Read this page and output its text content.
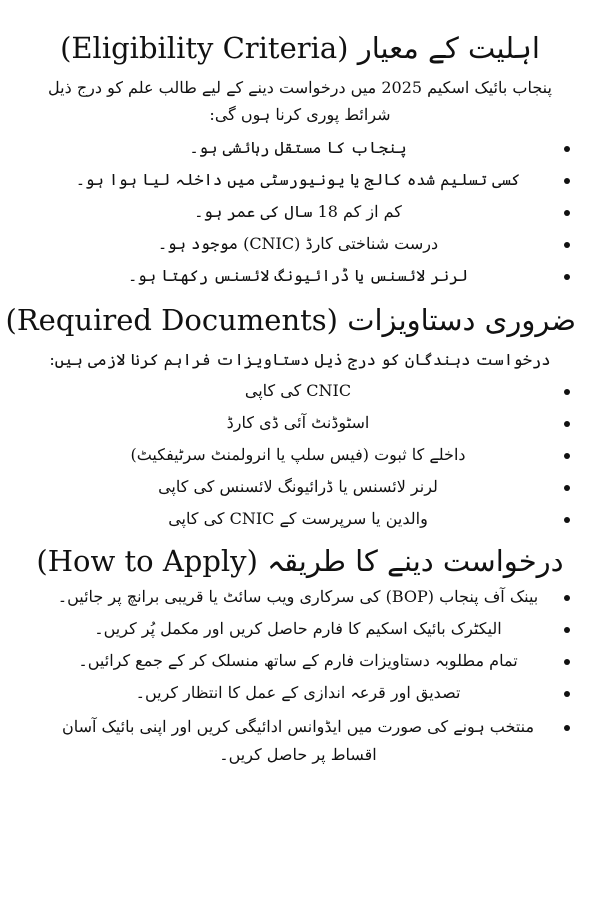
اہلیت کے معیار (Eligibility Criteria)

پنجاب بائیک اسکیم 2025 میں درخواست دینے کے لیے طالب علم کو درج ذیل شرائط پوری کرنا ہوں گی:

پنجاب کا مستقل رہائشی ہو۔
کسی تسلیم شدہ کالج یا یونیورسٹی میں داخلہ لیا ہوا ہو۔
کم از کم 18 سال کی عمر ہو۔
درست شناختی کارڈ (CNIC) موجود ہو۔
لرنر لائسنس یا ڈرائیونگ لائسنس رکھتا ہو۔
ضروری دستاویزات (Required Documents)

درخواست دہندگان کو درج ذیل دستاویزات فراہم کرنا لازمی ہیں:

CNIC کی کاپی
اسٹوڈنٹ آئی ڈی کارڈ
داخلے کا ثبوت (فیس سلپ یا انرولمنٹ سرٹیفکیٹ)
لرنر لائسنس یا ڈرائیونگ لائسنس کی کاپی
والدین یا سرپرست کے CNIC کی کاپی
درخواست دینے کا طریقہ (How to Apply)
بینک آف پنجاب (BOP) کی سرکاری ویب سائٹ یا قریبی برانچ پر جائیں۔
الیکٹرک بائیک اسکیم کا فارم حاصل کریں اور مکمل پُر کریں۔
تمام مطلوبہ دستاویزات فارم کے ساتھ منسلک کر کے جمع کرائیں۔
تصدیق اور قرعہ اندازی کے عمل کا انتظار کریں۔
منتخب ہونے کی صورت میں ایڈوانس ادائیگی کریں اور اپنی بائیک آسان اقساط پر حاصل کریں۔
